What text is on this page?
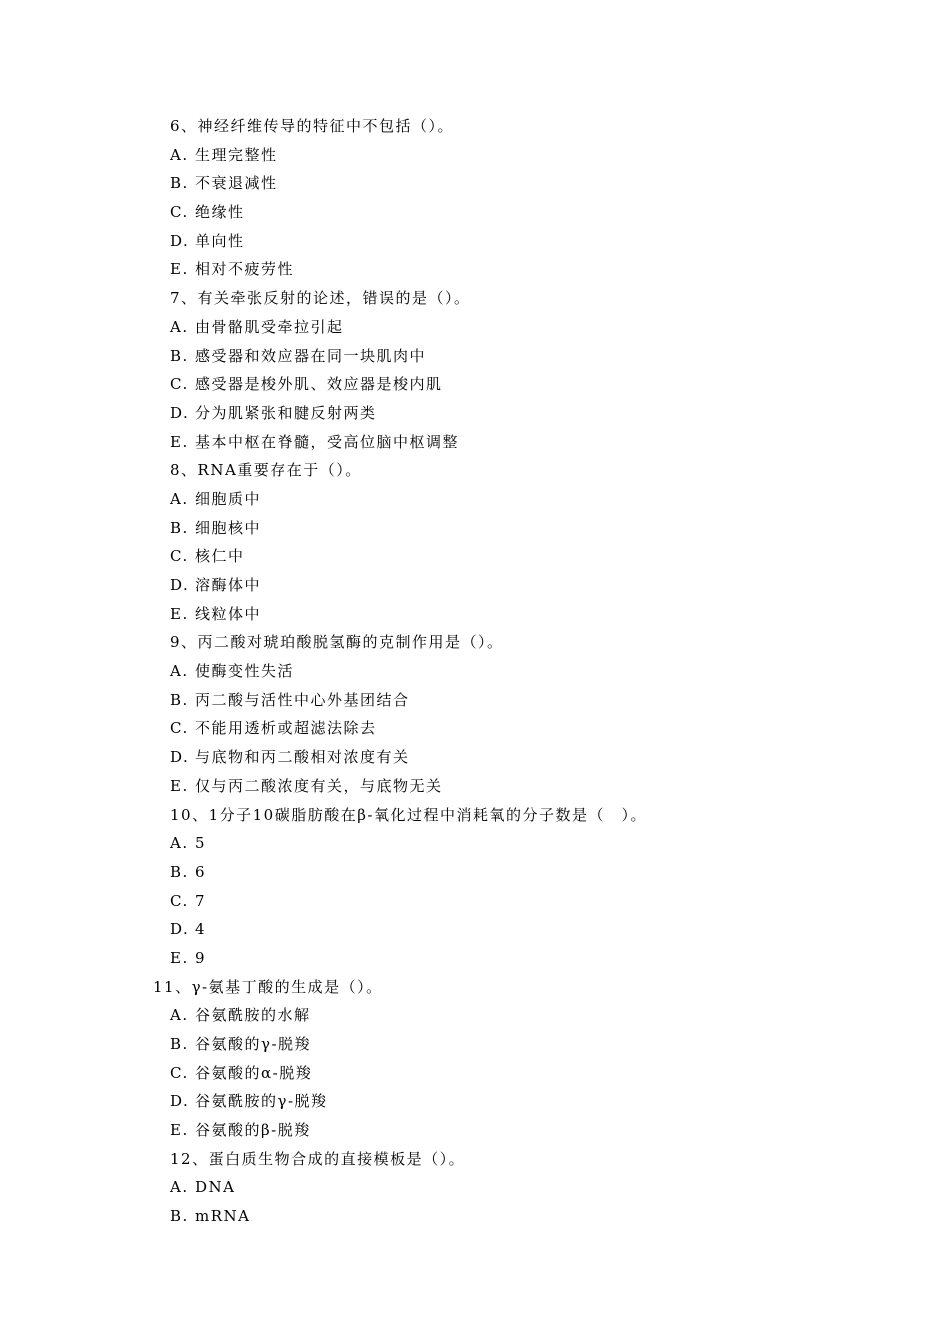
6、神经纤维传导的特征中不包括（）。
A. 生理完整性
B. 不衰退减性
C. 绝缘性
D. 单向性
E. 相对不疲劳性
7、有关牵张反射的论述，错误的是（）。
A. 由骨骼肌受牵拉引起
B. 感受器和效应器在同一块肌肉中
C. 感受器是梭外肌、效应器是梭内肌
D. 分为肌紧张和腱反射两类
E. 基本中枢在脊髓，受高位脑中枢调整
8、RNA重要存在于（）。
A. 细胞质中
B. 细胞核中
C. 核仁中
D. 溶酶体中
E. 线粒体中
9、丙二酸对琥珀酸脱氢酶的克制作用是（）。
A. 使酶变性失活
B. 丙二酸与活性中心外基团结合
C. 不能用透析或超滤法除去
D. 与底物和丙二酸相对浓度有关
E. 仅与丙二酸浓度有关，与底物无关
10、1分子10碳脂肪酸在β-氧化过程中消耗氧的分子数是（　）。
A. 5
B. 6
C. 7
D. 4
E. 9
11、γ-氨基丁酸的生成是（）。
A. 谷氨酰胺的水解
B. 谷氨酸的γ-脱羧
C. 谷氨酸的α-脱羧
D. 谷氨酰胺的γ-脱羧
E. 谷氨酸的β-脱羧
12、蛋白质生物合成的直接模板是（）。
A. DNA
B. mRNA
